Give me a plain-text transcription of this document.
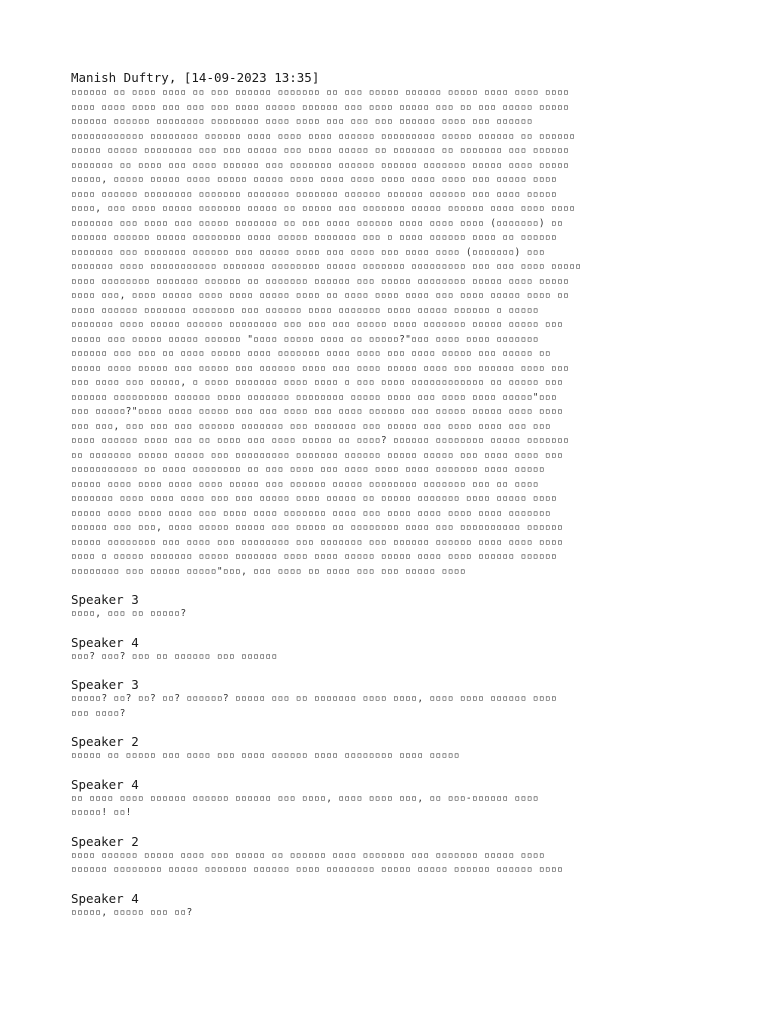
Manish Duftry, [14-09-2023 13:35]
▫▫▫▫▫▫ ▫▫ ▫▫▫▫ ▫▫▫▫ ▫▫ ▫▫▫ ▫▫▫▫▫▫ ▫▫▫▫▫▫▫ ▫▫ ▫▫▫ ▫▫▫▫▫ ▫▫▫▫▫▫ ▫▫▫▫▫ ▫▫▫▫ ▫▫▫▫ ▫▫▫▫
▫▫▫▫ ▫▫▫▫ ▫▫▫▫ ▫▫▫ ▫▫▫ ▫▫▫ ▫▫▫▫ ▫▫▫▫▫ ▫▫▫▫▫▫ ▫▫▫ ▫▫▫▫ ▫▫▫▫▫ ▫▫▫ ▫▫ ▫▫▫ ▫▫▫▫▫ ▫▫▫▫▫
▫▫▫▫▫▫ ▫▫▫▫▫▫ ▫▫▫▫▫▫▫▫ ▫▫▫▫▫▫▫▫ ▫▫▫▫ ▫▫▫▫ ▫▫▫ ▫▫▫ ▫▫▫ ▫▫▫▫▫▫ ▫▫▫▫ ▫▫▫ ▫▫▫▫▫▫
▫▫▫▫▫▫▫▫▫▫▫▫ ▫▫▫▫▫▫▫▫ ▫▫▫▫▫▫ ▫▫▫▫ ▫▫▫▫ ▫▫▫▫ ▫▫▫▫▫▫ ▫▫▫▫▫▫▫▫▫ ▫▫▫▫▫ ▫▫▫▫▫▫ ▫▫ ▫▫▫▫▫▫
▫▫▫▫▫ ▫▫▫▫▫ ▫▫▫▫▫▫▫▫ ▫▫▫ ▫▫▫ ▫▫▫▫▫ ▫▫▫ ▫▫▫▫ ▫▫▫▫▫ ▫▫ ▫▫▫▫▫▫▫ ▫▫ ▫▫▫▫▫▫▫ ▫▫▫ ▫▫▫▫▫▫
▫▫▫▫▫▫▫ ▫▫ ▫▫▫▫ ▫▫▫ ▫▫▫▫ ▫▫▫▫▫▫ ▫▫▫ ▫▫▫▫▫▫▫ ▫▫▫▫▫▫ ▫▫▫▫▫▫ ▫▫▫▫▫▫▫ ▫▫▫▫▫ ▫▫▫▫ ▫▫▫▫▫
▫▫▫▫▫, ▫▫▫▫▫ ▫▫▫▫▫ ▫▫▫▫ ▫▫▫▫▫ ▫▫▫▫▫ ▫▫▫▫ ▫▫▫▫ ▫▫▫▫ ▫▫▫▫ ▫▫▫▫ ▫▫▫▫ ▫▫▫ ▫▫▫▫▫ ▫▫▫▫
▫▫▫▫ ▫▫▫▫▫▫ ▫▫▫▫▫▫▫▫ ▫▫▫▫▫▫▫ ▫▫▫▫▫▫▫ ▫▫▫▫▫▫▫ ▫▫▫▫▫▫ ▫▫▫▫▫▫ ▫▫▫▫▫▫ ▫▫▫ ▫▫▫▫ ▫▫▫▫▫
▫▫▫▫, ▫▫▫ ▫▫▫▫ ▫▫▫▫▫ ▫▫▫▫▫▫▫ ▫▫▫▫▫ ▫▫ ▫▫▫▫▫ ▫▫▫ ▫▫▫▫▫▫▫ ▫▫▫▫▫ ▫▫▫▫▫▫ ▫▫▫▫ ▫▫▫▫ ▫▫▫▫
▫▫▫▫▫▫▫ ▫▫▫ ▫▫▫▫ ▫▫▫ ▫▫▫▫▫ ▫▫▫▫▫▫▫ ▫▫ ▫▫▫ ▫▫▫▫ ▫▫▫▫▫▫ ▫▫▫▫ ▫▫▫▫ ▫▫▫▫ (▫▫▫▫▫▫▫) ▫▫
▫▫▫▫▫▫ ▫▫▫▫▫▫ ▫▫▫▫▫ ▫▫▫▫▫▫▫▫ ▫▫▫▫ ▫▫▫▫▫ ▫▫▫▫▫▫▫ ▫▫▫ ▫ ▫▫▫▫ ▫▫▫▫▫▫ ▫▫▫▫ ▫▫ ▫▫▫▫▫▫
▫▫▫▫▫▫▫ ▫▫▫ ▫▫▫▫▫▫▫ ▫▫▫▫▫▫ ▫▫▫ ▫▫▫▫▫ ▫▫▫▫ ▫▫▫ ▫▫▫▫ ▫▫▫ ▫▫▫▫ ▫▫▫▫ (▫▫▫▫▫▫▫) ▫▫▫
▫▫▫▫▫▫▫ ▫▫▫▫ ▫▫▫▫▫▫▫▫▫▫▫ ▫▫▫▫▫▫▫ ▫▫▫▫▫▫▫▫ ▫▫▫▫▫ ▫▫▫▫▫▫▫ ▫▫▫▫▫▫▫▫▫ ▫▫▫ ▫▫▫ ▫▫▫▫ ▫▫▫▫▫
▫▫▫▫ ▫▫▫▫▫▫▫▫ ▫▫▫▫▫▫▫ ▫▫▫▫▫▫ ▫▫ ▫▫▫▫▫▫▫ ▫▫▫▫▫▫ ▫▫▫ ▫▫▫▫▫ ▫▫▫▫▫▫▫▫ ▫▫▫▫▫ ▫▫▫▫ ▫▫▫▫▫
▫▫▫▫ ▫▫▫, ▫▫▫▫ ▫▫▫▫▫ ▫▫▫▫ ▫▫▫▫ ▫▫▫▫▫ ▫▫▫▫ ▫▫ ▫▫▫▫ ▫▫▫▫ ▫▫▫▫ ▫▫▫ ▫▫▫▫ ▫▫▫▫▫ ▫▫▫▫ ▫▫
▫▫▫▫ ▫▫▫▫▫▫ ▫▫▫▫▫▫▫ ▫▫▫▫▫▫▫ ▫▫▫ ▫▫▫▫▫▫ ▫▫▫▫ ▫▫▫▫▫▫▫ ▫▫▫▫ ▫▫▫▫▫ ▫▫▫▫▫▫ ▫ ▫▫▫▫▫
▫▫▫▫▫▫▫ ▫▫▫▫ ▫▫▫▫▫ ▫▫▫▫▫▫ ▫▫▫▫▫▫▫▫ ▫▫▫ ▫▫▫ ▫▫▫ ▫▫▫▫▫ ▫▫▫▫ ▫▫▫▫▫▫▫ ▫▫▫▫▫ ▫▫▫▫▫ ▫▫▫
▫▫▫▫▫ ▫▫▫ ▫▫▫▫▫ ▫▫▫▫▫ ▫▫▫▫▫▫ "▫▫▫▫ ▫▫▫▫▫ ▫▫▫▫ ▫▫ ▫▫▫▫▫?"▫▫▫ ▫▫▫▫ ▫▫▫▫ ▫▫▫▫▫▫▫
▫▫▫▫▫▫ ▫▫▫ ▫▫▫ ▫▫ ▫▫▫▫ ▫▫▫▫▫ ▫▫▫▫ ▫▫▫▫▫▫▫ ▫▫▫▫ ▫▫▫▫ ▫▫▫ ▫▫▫▫ ▫▫▫▫▫ ▫▫▫ ▫▫▫▫▫ ▫▫
▫▫▫▫▫ ▫▫▫▫ ▫▫▫▫▫ ▫▫▫ ▫▫▫▫▫ ▫▫▫ ▫▫▫▫▫▫ ▫▫▫▫ ▫▫▫ ▫▫▫▫ ▫▫▫▫▫ ▫▫▫▫ ▫▫▫ ▫▫▫▫▫▫ ▫▫▫▫ ▫▫▫
▫▫▫ ▫▫▫▫ ▫▫▫ ▫▫▫▫▫, ▫ ▫▫▫▫ ▫▫▫▫▫▫▫ ▫▫▫▫ ▫▫▫▫ ▫ ▫▫▫ ▫▫▫▫ ▫▫▫▫▫▫▫▫▫▫▫▫ ▫▫ ▫▫▫▫▫ ▫▫▫
▫▫▫▫▫▫ ▫▫▫▫▫▫▫▫▫ ▫▫▫▫▫▫ ▫▫▫▫ ▫▫▫▫▫▫▫ ▫▫▫▫▫▫▫▫ ▫▫▫▫▫ ▫▫▫▫ ▫▫▫ ▫▫▫▫ ▫▫▫▫ ▫▫▫▫▫"▫▫▫
▫▫▫ ▫▫▫▫▫?"▫▫▫▫ ▫▫▫▫ ▫▫▫▫▫ ▫▫▫ ▫▫▫ ▫▫▫▫ ▫▫▫ ▫▫▫▫ ▫▫▫▫▫▫ ▫▫▫ ▫▫▫▫▫ ▫▫▫▫▫ ▫▫▫▫ ▫▫▫▫
▫▫▫ ▫▫▫, ▫▫▫ ▫▫▫ ▫▫▫ ▫▫▫▫▫▫ ▫▫▫▫▫▫▫ ▫▫▫ ▫▫▫▫▫▫▫ ▫▫▫ ▫▫▫▫▫ ▫▫▫ ▫▫▫▫ ▫▫▫▫ ▫▫▫ ▫▫▫
▫▫▫▫ ▫▫▫▫▫▫ ▫▫▫▫ ▫▫▫ ▫▫ ▫▫▫▫ ▫▫▫ ▫▫▫▫ ▫▫▫▫▫ ▫▫ ▫▫▫▫? ▫▫▫▫▫▫ ▫▫▫▫▫▫▫▫ ▫▫▫▫▫ ▫▫▫▫▫▫▫
▫▫ ▫▫▫▫▫▫▫ ▫▫▫▫▫ ▫▫▫▫▫ ▫▫▫ ▫▫▫▫▫▫▫▫▫ ▫▫▫▫▫▫▫ ▫▫▫▫▫▫ ▫▫▫▫▫ ▫▫▫▫▫ ▫▫▫ ▫▫▫▫ ▫▫▫▫ ▫▫▫
▫▫▫▫▫▫▫▫▫▫▫ ▫▫ ▫▫▫▫ ▫▫▫▫▫▫▫▫ ▫▫ ▫▫▫ ▫▫▫▫ ▫▫▫ ▫▫▫▫ ▫▫▫▫ ▫▫▫▫ ▫▫▫▫▫▫▫ ▫▫▫▫ ▫▫▫▫▫
▫▫▫▫▫ ▫▫▫▫ ▫▫▫▫ ▫▫▫▫ ▫▫▫▫ ▫▫▫▫▫ ▫▫▫ ▫▫▫▫▫▫ ▫▫▫▫▫ ▫▫▫▫▫▫▫▫ ▫▫▫▫▫▫▫ ▫▫▫ ▫▫ ▫▫▫▫
▫▫▫▫▫▫▫ ▫▫▫▫ ▫▫▫▫ ▫▫▫▫ ▫▫▫ ▫▫▫ ▫▫▫▫▫ ▫▫▫▫ ▫▫▫▫▫ ▫▫ ▫▫▫▫▫ ▫▫▫▫▫▫▫ ▫▫▫▫ ▫▫▫▫▫ ▫▫▫▫
▫▫▫▫▫ ▫▫▫▫ ▫▫▫▫ ▫▫▫▫ ▫▫▫ ▫▫▫▫ ▫▫▫▫ ▫▫▫▫▫▫▫ ▫▫▫▫ ▫▫▫ ▫▫▫▫ ▫▫▫▫ ▫▫▫▫ ▫▫▫▫ ▫▫▫▫▫▫▫
▫▫▫▫▫▫ ▫▫▫ ▫▫▫, ▫▫▫▫ ▫▫▫▫▫ ▫▫▫▫▫ ▫▫▫ ▫▫▫▫▫ ▫▫ ▫▫▫▫▫▫▫▫ ▫▫▫▫ ▫▫▫ ▫▫▫▫▫▫▫▫▫▫ ▫▫▫▫▫▫
▫▫▫▫▫ ▫▫▫▫▫▫▫▫ ▫▫▫ ▫▫▫▫ ▫▫▫ ▫▫▫▫▫▫▫▫ ▫▫▫ ▫▫▫▫▫▫▫ ▫▫▫ ▫▫▫▫▫▫ ▫▫▫▫▫▫ ▫▫▫▫ ▫▫▫▫ ▫▫▫▫
▫▫▫▫ ▫ ▫▫▫▫▫ ▫▫▫▫▫▫▫ ▫▫▫▫▫ ▫▫▫▫▫▫▫ ▫▫▫▫ ▫▫▫▫ ▫▫▫▫▫ ▫▫▫▫▫ ▫▫▫▫ ▫▫▫▫ ▫▫▫▫▫▫ ▫▫▫▫▫▫
▫▫▫▫▫▫▫▫ ▫▫▫ ▫▫▫▫▫ ▫▫▫▫▫"▫▫▫, ▫▫▫ ▫▫▫▫ ▫▫ ▫▫▫▫ ▫▫▫ ▫▫▫ ▫▫▫▫▫ ▫▫▫▫
Speaker 3
▫▫▫▫, ▫▫▫ ▫▫ ▫▫▫▫▫?
Speaker 4
▫▫▫? ▫▫▫? ▫▫▫ ▫▫ ▫▫▫▫▫▫ ▫▫▫ ▫▫▫▫▫▫
Speaker 3
▫▫▫▫▫? ▫▫? ▫▫? ▫▫? ▫▫▫▫▫▫? ▫▫▫▫▫ ▫▫▫ ▫▫ ▫▫▫▫▫▫▫ ▫▫▫▫ ▫▫▫▫, ▫▫▫▫ ▫▫▫▫ ▫▫▫▫▫▫ ▫▫▫▫
▫▫▫ ▫▫▫▫?
Speaker 2
▫▫▫▫▫ ▫▫ ▫▫▫▫▫ ▫▫▫ ▫▫▫▫ ▫▫▫ ▫▫▫▫ ▫▫▫▫▫▫ ▫▫▫▫ ▫▫▫▫▫▫▫▫ ▫▫▫▫ ▫▫▫▫▫
Speaker 4
▫▫ ▫▫▫▫ ▫▫▫▫ ▫▫▫▫▫▫ ▫▫▫▫▫▫ ▫▫▫▫▫▫ ▫▫▫ ▫▫▫▫, ▫▫▫▫ ▫▫▫▫ ▫▫▫, ▫▫ ▫▫▫-▫▫▫▫▫▫ ▫▫▫▫
▫▫▫▫▫! ▫▫!
Speaker 2
▫▫▫▫ ▫▫▫▫▫▫ ▫▫▫▫▫ ▫▫▫▫ ▫▫▫ ▫▫▫▫▫ ▫▫ ▫▫▫▫▫▫ ▫▫▫▫ ▫▫▫▫▫▫▫ ▫▫▫ ▫▫▫▫▫▫▫ ▫▫▫▫▫ ▫▫▫▫
▫▫▫▫▫▫ ▫▫▫▫▫▫▫▫ ▫▫▫▫▫ ▫▫▫▫▫▫▫ ▫▫▫▫▫▫ ▫▫▫▫ ▫▫▫▫▫▫▫▫ ▫▫▫▫▫ ▫▫▫▫▫ ▫▫▫▫▫▫ ▫▫▫▫▫▫ ▫▫▫▫
Speaker 4
▫▫▫▫▫, ▫▫▫▫▫ ▫▫▫ ▫▫?
